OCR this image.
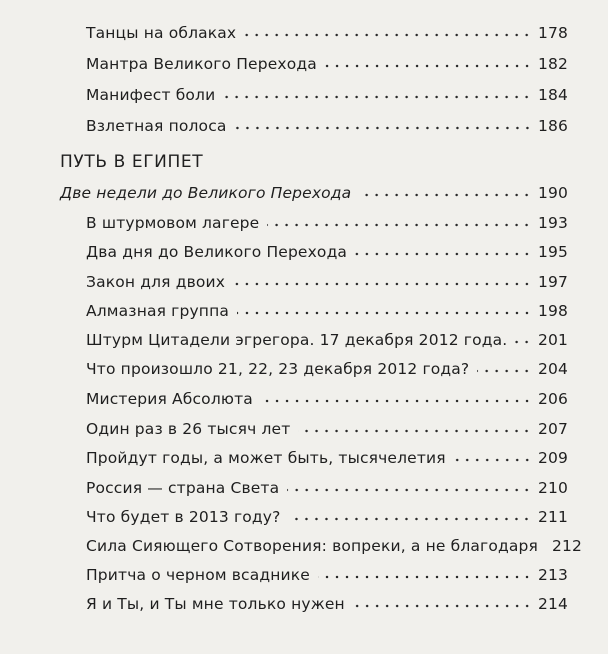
Танцы на облаках	178
Мантра Великого Перехода	182
Манифест боли	184
Взлетная полоса	186
ПУТЬ В ЕГИПЕТ
Две недели до Великого Перехода	190
В штурмовом лагере	193
Два дня до Великого Перехода	195
Закон для двоих	197
Алмазная группа	198
Штурм Цитадели эгрегора. 17 декабря 2012 года. 201
Что произошло 21, 22, 23 декабря 2012 года?	204
Мистерия Абсолюта	206
Один раз в 26 тысяч лет	207
Пройдут годы, а может быть, тысячелетия	209
Россия — страна Света	210
Что будет в 2013 году?	211
Сила Сияющего Сотворения: вопреки, а не благодаря 212
Притча о черном всаднике	213
Я и Ты, и Ты мне только нужен	214
